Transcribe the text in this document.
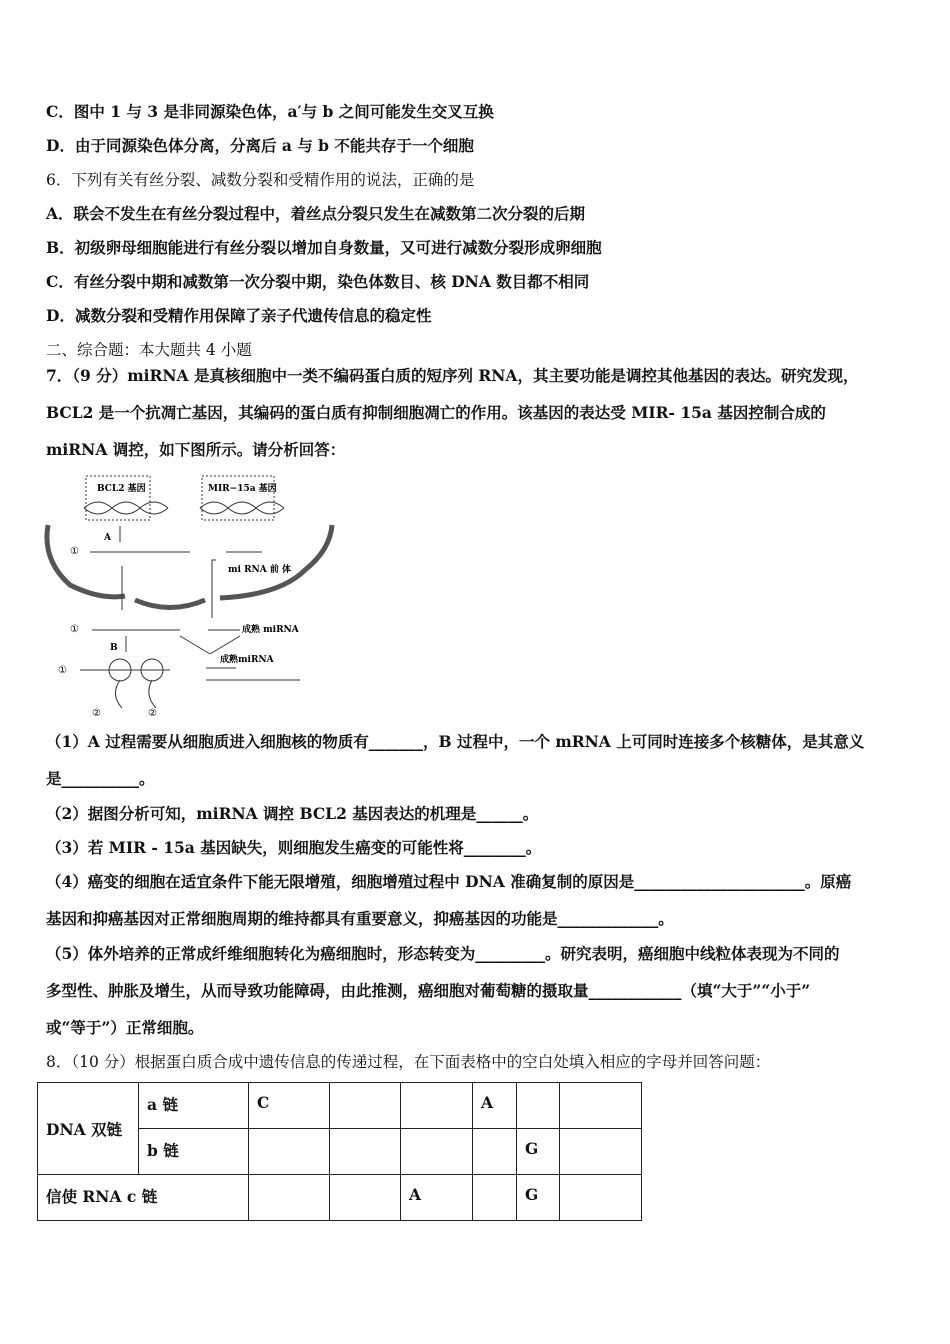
C．图中 1 与 3 是非同源染色体，a′与 b 之间可能发生交叉互换
D．由于同源染色体分离，分离后 a 与 b 不能共存于一个细胞
6．下列有关有丝分裂、减数分裂和受精作用的说法，正确的是
A．联会不发生在有丝分裂过程中，着丝点分裂只发生在减数第二次分裂的后期
B．初级卵母细胞能进行有丝分裂以增加自身数量，又可进行减数分裂形成卵细胞
C．有丝分裂中期和减数第一次分裂中期，染色体数目、核 DNA 数目都不相同
D．减数分裂和受精作用保障了亲子代遗传信息的稳定性
二、综合题：本大题共 4 小题
7．（9 分）miRNA 是真核细胞中一类不编码蛋白质的短序列 RNA，其主要功能是调控其他基因的表达。研究发现，
BCL2 是一个抗凋亡基因，其编码的蛋白质有抑制细胞凋亡的作用。该基因的表达受 MIR- 15a 基因控制合成的
miRNA 调控，如下图所示。请分析回答：
BCL2 基因	MIR−15a 基因
①
A
mi RNA 前 体
①	成熟 miRNA
B
①
②	②
成熟miRNA
（1）A 过程需要从细胞质进入细胞核的物质有_______，B 过程中，一个 mRNA 上可同时连接多个核糖体，是其意义
是__________。
（2）据图分析可知，miRNA 调控 BCL2 基因表达的机理是______。
（3）若 MIR - 15a 基因缺失，则细胞发生癌变的可能性将________。
（4）癌变的细胞在适宜条件下能无限增殖，细胞增殖过程中 DNA 准确复制的原因是______________________。原癌
基因和抑癌基因对正常细胞周期的维持都具有重要意义，抑癌基因的功能是_____________。
（5）体外培养的正常成纤维细胞转化为癌细胞时，形态转变为_________。研究表明，癌细胞中线粒体表现为不同的
多型性、肿胀及增生，从而导致功能障碍，由此推测，癌细胞对葡萄糖的摄取量____________（填“大于”“小于”
或“等于”）正常细胞。
8．（10 分）根据蛋白质合成中遗传信息的传递过程，在下面表格中的空白处填入相应的字母并回答问题：
DNA 双链	a 链	C			A		
	b 链					G	
信使 RNA c 链				A		G	
